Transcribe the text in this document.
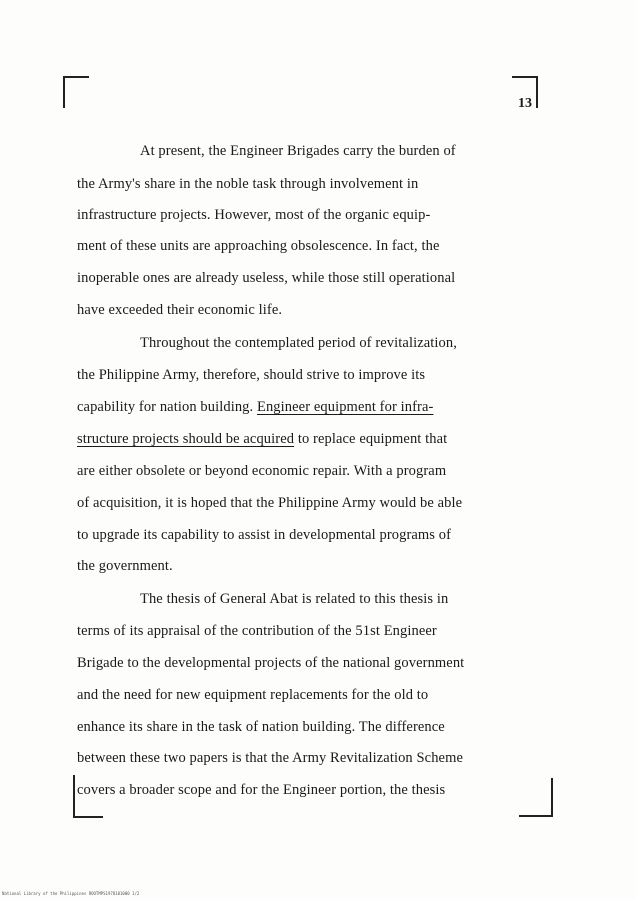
13
At present, the Engineer Brigades carry the burden of
the Army's share in the noble task through involvement in
infrastructure projects. However, most of the organic equip-
ment of these units are approaching obsolescence. In fact, the
inoperable ones are already useless, while those still operational
have exceeded their economic life.
Throughout the contemplated period of revitalization,
the Philippine Army, therefore, should strive to improve its
capability for nation building. Engineer equipment for infra-
structure projects should be acquired to replace equipment that
are either obsolete or beyond economic repair. With a program
of acquisition, it is hoped that the Philippine Army would be able
to upgrade its capability to assist in developmental programs of
the government.
The thesis of General Abat is related to this thesis in
terms of its appraisal of the contribution of the 51st Engineer
Brigade to the developmental projects of the national government
and the need for new equipment replacements for the old to
enhance its share in the task of nation building. The difference
between these two papers is that the Army Revitalization Scheme
covers a broader scope and for the Engineer portion, the thesis
National Library of the Philippines ROOTMPS1978101000 1/2
